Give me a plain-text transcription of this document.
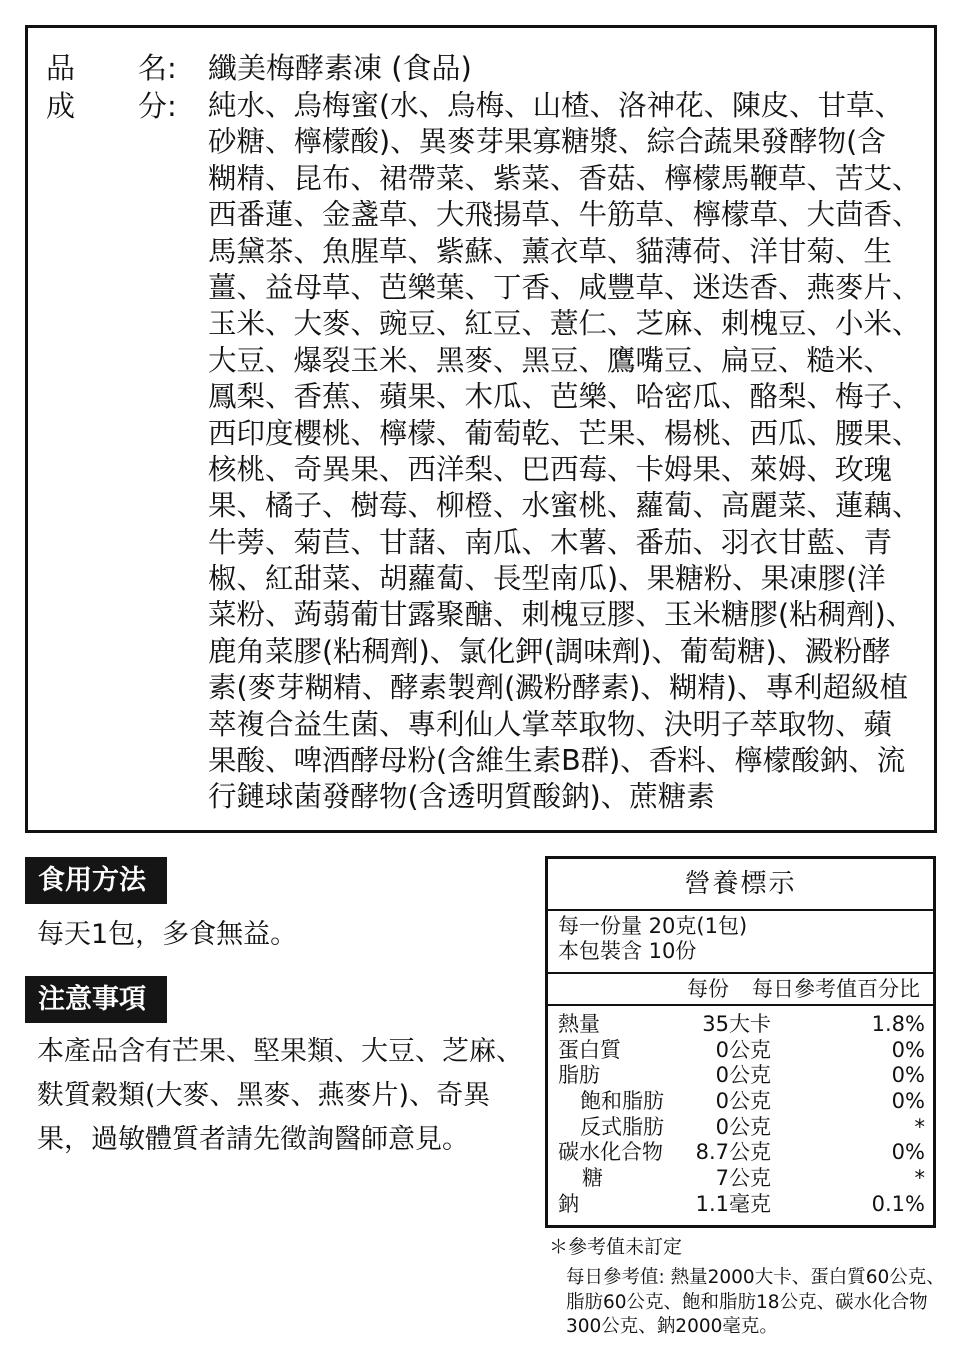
品	名:	纖美梅酵素凍 (食品)
成	分:	純水、烏梅蜜(水、烏梅、山楂、洛神花、陳皮、甘草、
砂糖、檸檬酸)、異麥芽果寡糖漿、綜合蔬果發酵物(含
糊精、昆布、裙帶菜、紫菜、香菇、檸檬馬鞭草、苦艾、
西番蓮、金盞草、大飛揚草、牛筋草、檸檬草、大茴香、
馬黛茶、魚腥草、紫蘇、薰衣草、貓薄荷、洋甘菊、生
薑、益母草、芭樂葉、丁香、咸豐草、迷迭香、燕麥片、
玉米、大麥、豌豆、紅豆、薏仁、芝麻、刺槐豆、小米、
大豆、爆裂玉米、黑麥、黑豆、鷹嘴豆、扁豆、糙米、
鳳梨、香蕉、蘋果、木瓜、芭樂、哈密瓜、酪梨、梅子、
西印度櫻桃、檸檬、葡萄乾、芒果、楊桃、西瓜、腰果、
核桃、奇異果、西洋梨、巴西莓、卡姆果、萊姆、玫瑰
果、橘子、樹莓、柳橙、水蜜桃、蘿蔔、高麗菜、蓮藕、
牛蒡、菊苣、甘藷、南瓜、木薯、番茄、羽衣甘藍、青
椒、紅甜菜、胡蘿蔔、長型南瓜)、果糖粉、果凍膠(洋
菜粉、蒟蒻葡甘露聚醣、刺槐豆膠、玉米糖膠(粘稠劑)、
鹿角菜膠(粘稠劑)、氯化鉀(調味劑)、葡萄糖)、澱粉酵
素(麥芽糊精、酵素製劑(澱粉酵素)、糊精)、專利超級植
萃複合益生菌、專利仙人掌萃取物、決明子萃取物、蘋
果酸、啤酒酵母粉(含維生素B群)、香料、檸檬酸鈉、流
行鏈球菌發酵物(含透明質酸鈉)、蔗糖素
食用方法
每天1包，多食無益。
注意事項
本產品含有芒果、堅果類、大豆、芝麻、
麩質穀類(大麥、黑麥、燕麥片)、奇異
果，過敏體質者請先徵詢醫師意見。
營養標示
每一份量 20克(1包)
本包裝含 10份
每份 每日參考值百分比
熱量	35大卡	1.8%
蛋白質	0公克	0%
脂肪	0公克	0%
飽和脂肪 0公克	0%
反式脂肪 0公克	*
碳水化合物 8.7公克	0%
糖	7公克	*
鈉	1.1毫克	0.1%
＊參考值未訂定
每日參考值: 熱量2000大卡、蛋白質60公克、
脂肪60公克、飽和脂肪18公克、碳水化合物
300公克、鈉2000毫克。
